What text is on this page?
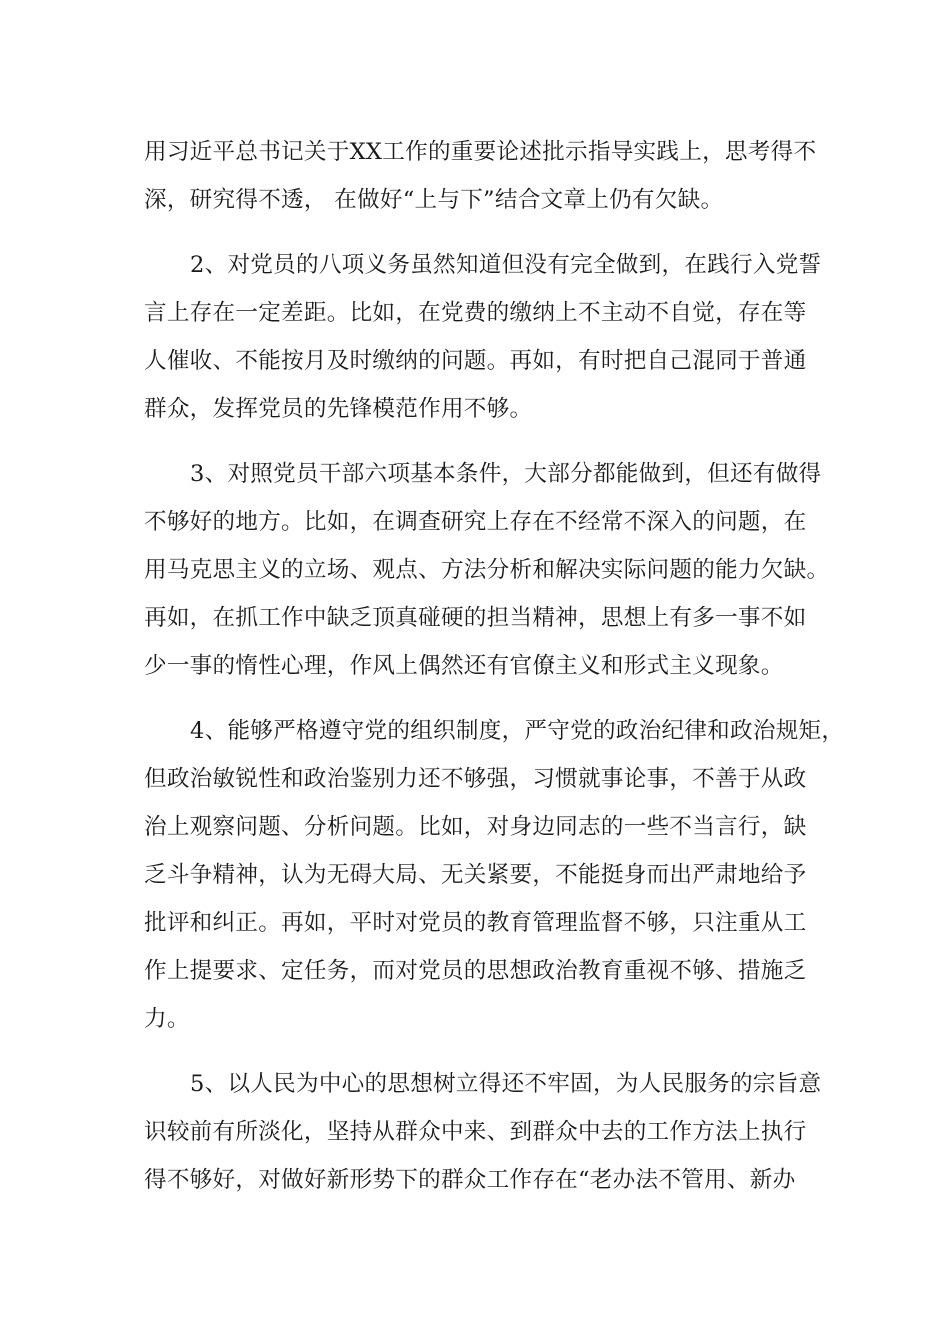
用习近平总书记关于XX工作的重要论述批示指导实践上，思考得不
深，研究得不透， 在做好“上与下”结合文章上仍有欠缺。
2、对党员的八项义务虽然知道但没有完全做到，在践行入党誓
言上存在一定差距。比如，在党费的缴纳上不主动不自觉，存在等
人催收、不能按月及时缴纳的问题。再如，有时把自己混同于普通
群众，发挥党员的先锋模范作用不够。
3、对照党员干部六项基本条件，大部分都能做到，但还有做得
不够好的地方。比如，在调查研究上存在不经常不深入的问题，在
用马克思主义的立场、观点、方法分析和解决实际问题的能力欠缺。
再如，在抓工作中缺乏顶真碰硬的担当精神，思想上有多一事不如
少一事的惰性心理，作风上偶然还有官僚主义和形式主义现象。
4、能够严格遵守党的组织制度，严守党的政治纪律和政治规矩，
但政治敏锐性和政治鉴别力还不够强，习惯就事论事，不善于从政
治上观察问题、分析问题。比如，对身边同志的一些不当言行，缺
乏斗争精神，认为无碍大局、无关紧要，不能挺身而出严肃地给予
批评和纠正。再如，平时对党员的教育管理监督不够，只注重从工
作上提要求、定任务，而对党员的思想政治教育重视不够、措施乏
力。
5、以人民为中心的思想树立得还不牢固，为人民服务的宗旨意
识较前有所淡化，坚持从群众中来、到群众中去的工作方法上执行
得不够好，对做好新形势下的群众工作存在“老办法不管用、新办
